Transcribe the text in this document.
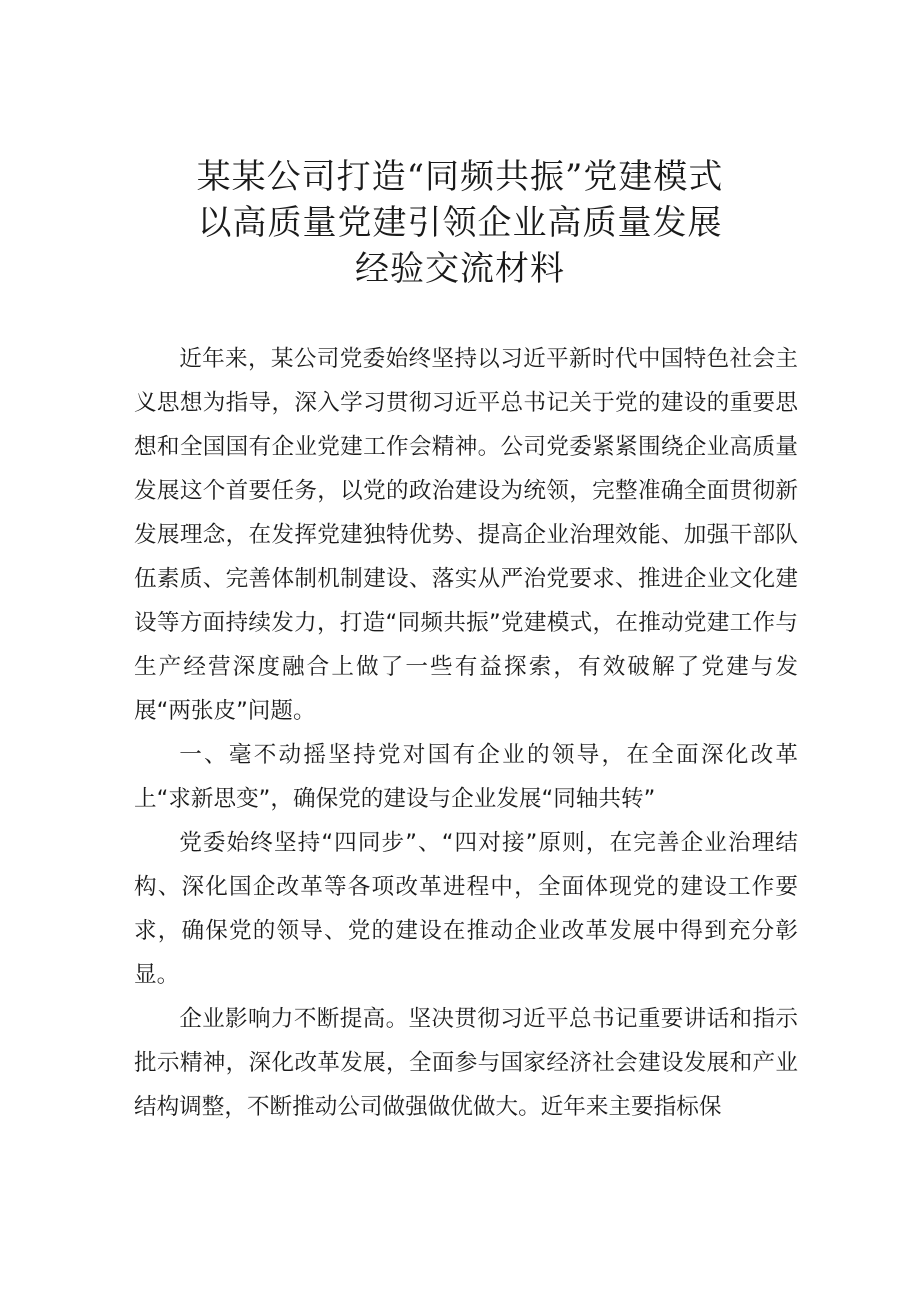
某某公司打造“同频共振”党建模式
以高质量党建引领企业高质量发展
经验交流材料

近年来，某公司党委始终坚持以习近平新时代中国特色社会主义思想为指导，深入学习贯彻习近平总书记关于党的建设的重要思想和全国国有企业党建工作会精神。公司党委紧紧围绕企业高质量发展这个首要任务，以党的政治建设为统领，完整准确全面贯彻新发展理念，在发挥党建独特优势、提高企业治理效能、加强干部队伍素质、完善体制机制建设、落实从严治党要求、推进企业文化建设等方面持续发力，打造“同频共振”党建模式，在推动党建工作与生产经营深度融合上做了一些有益探索，有效破解了党建与发展“两张皮”问题。

一、毫不动摇坚持党对国有企业的领导，在全面深化改革上“求新思变”，确保党的建设与企业发展“同轴共转”

党委始终坚持“四同步”、“四对接”原则，在完善企业治理结构、深化国企改革等各项改革进程中，全面体现党的建设工作要求，确保党的领导、党的建设在推动企业改革发展中得到充分彰显。

企业影响力不断提高。坚决贯彻习近平总书记重要讲话和指示批示精神，深化改革发展，全面参与国家经济社会建设发展和产业结构调整，不断推动公司做强做优做大。近年来主要指标保
